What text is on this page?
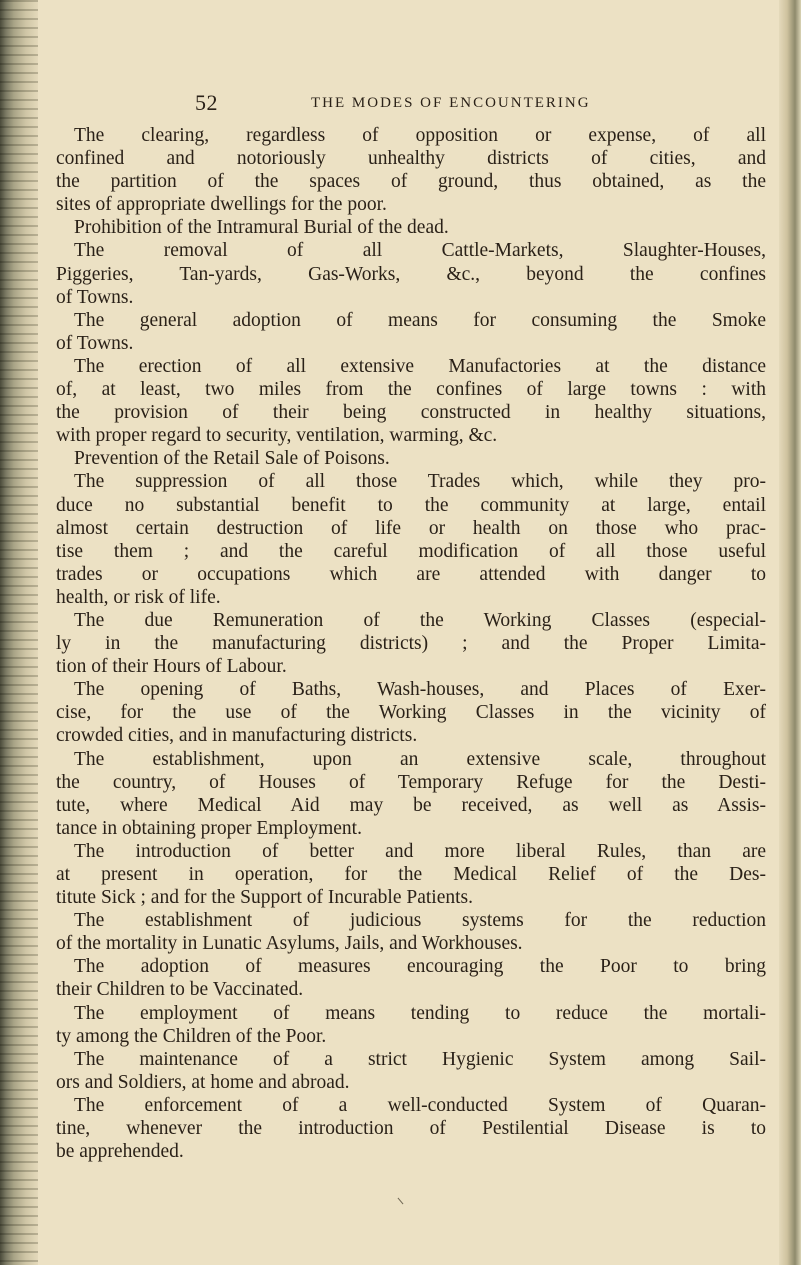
52	THE MODES OF ENCOUNTERING
The clearing, regardless of opposition or expense, of all
confined and notoriously unhealthy districts of cities, and
the partition of the spaces of ground, thus obtained, as the
sites of appropriate dwellings for the poor.
Prohibition of the Intramural Burial of the dead.
The removal of all Cattle-Markets, Slaughter-Houses,
Piggeries, Tan-yards, Gas-Works, &c., beyond the confines
of Towns.
The general adoption of means for consuming the Smoke
of Towns.
The erection of all extensive Manufactories at the distance
of, at least, two miles from the confines of large towns : with
the provision of their being constructed in healthy situations,
with proper regard to security, ventilation, warming, &c.
Prevention of the Retail Sale of Poisons.
The suppression of all those Trades which, while they pro-
duce no substantial benefit to the community at large, entail
almost certain destruction of life or health on those who prac-
tise them ; and the careful modification of all those useful
trades or occupations which are attended with danger to
health, or risk of life.
The due Remuneration of the Working Classes (especial-
ly in the manufacturing districts) ; and the Proper Limita-
tion of their Hours of Labour.
The opening of Baths, Wash-houses, and Places of Exer-
cise, for the use of the Working Classes in the vicinity of
crowded cities, and in manufacturing districts.
The establishment, upon an extensive scale, throughout
the country, of Houses of Temporary Refuge for the Desti-
tute, where Medical Aid may be received, as well as Assis-
tance in obtaining proper Employment.
The introduction of better and more liberal Rules, than are
at present in operation, for the Medical Relief of the Des-
titute Sick ; and for the Support of Incurable Patients.
The establishment of judicious systems for the reduction
of the mortality in Lunatic Asylums, Jails, and Workhouses.
The adoption of measures encouraging the Poor to bring
their Children to be Vaccinated.
The employment of means tending to reduce the mortali-
ty among the Children of the Poor.
The maintenance of a strict Hygienic System among Sail-
ors and Soldiers, at home and abroad.
The enforcement of a well-conducted System of Quaran-
tine, whenever the introduction of Pestilential Disease is to
be apprehended.
